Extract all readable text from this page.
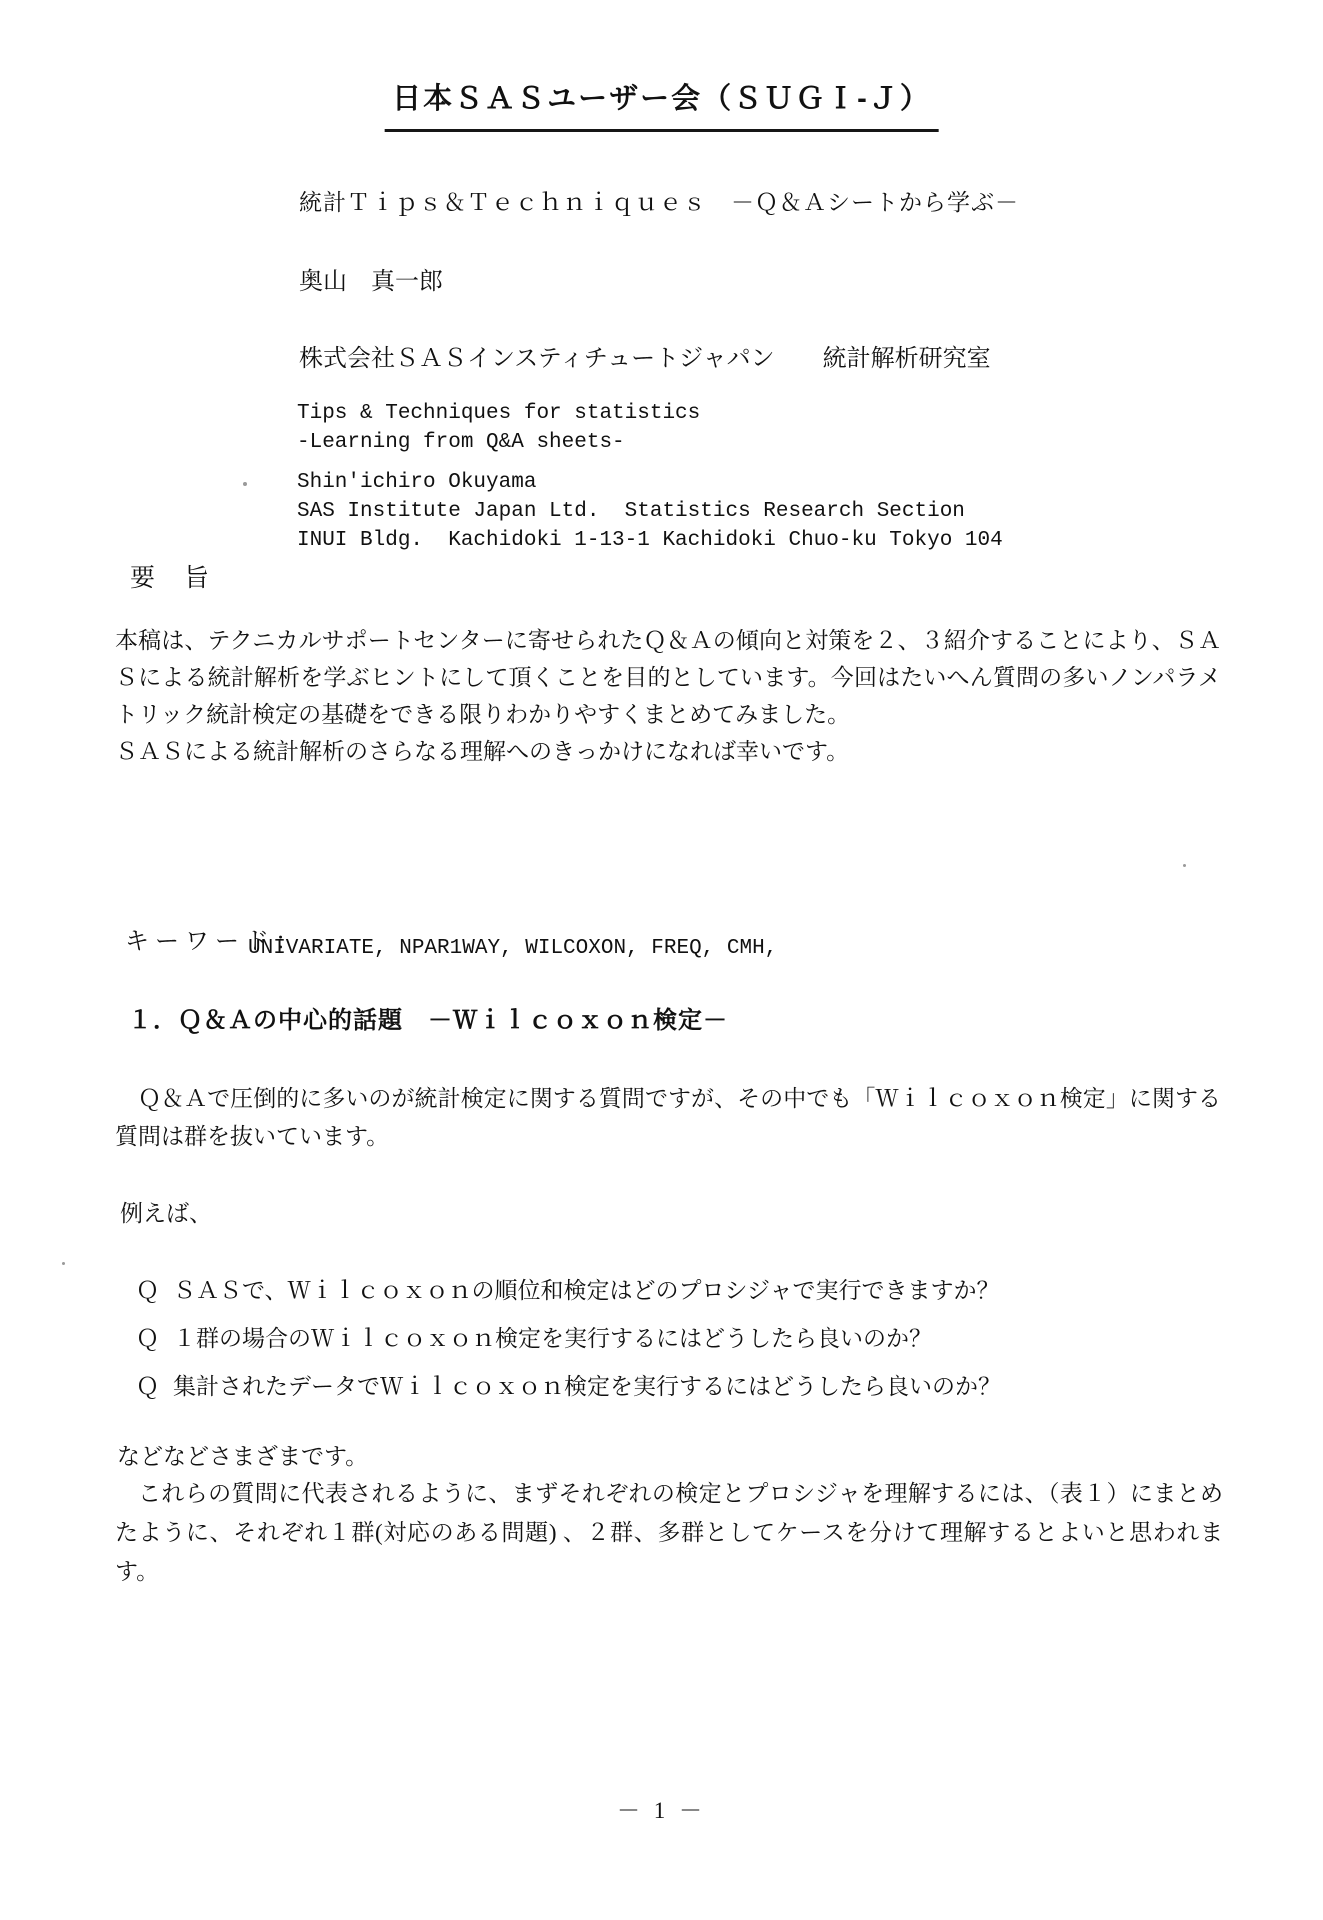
日本ＳＡＳユーザー会（ＳＵＧＩ-Ｊ）
統計Ｔｉｐｓ＆Ｔｅｃｈｎｉｑｕｅｓ　－Ｑ＆Ａシートから学ぶ－
奥山　真一郎
株式会社ＳＡＳインスティチュートジャパン　　統計解析研究室
Tips & Techniques for statistics
-Learning from Q&A sheets-
Shin'ichiro Okuyama
SAS Institute Japan Ltd.  Statistics Research Section
INUI Bldg.  Kachidoki 1-13-1 Kachidoki Chuo-ku Tokyo 104
要　旨
本稿は、テクニカルサポートセンターに寄せられたＱ＆Ａの傾向と対策を２、３紹介することにより、ＳＡＳによる統計解析を学ぶヒントにして頂くことを目的としています。今回はたいへん質問の多いノンパラメトリック統計検定の基礎をできる限りわかりやすくまとめてみました。
ＳＡＳによる統計解析のさらなる理解へのきっかけになれば幸いです。
キーワード：
UNIVARIATE, NPAR1WAY, WILCOXON, FREQ, CMH,
１．Ｑ＆Ａの中心的話題　－Ｗｉｌｃｏｘｏｎ検定－
Ｑ＆Ａで圧倒的に多いのが統計検定に関する質問ですが、その中でも「Ｗｉｌｃｏｘｏｎ検定」に関する質問は群を抜いています。
例えば、
Ｑ ＳＡＳで、Ｗｉｌｃｏｘｏｎの順位和検定はどのプロシジャで実行できますか？
Ｑ １群の場合のＷｉｌｃｏｘｏｎ検定を実行するにはどうしたら良いのか？
Ｑ 集計されたデータでＷｉｌｃｏｘｏｎ検定を実行するにはどうしたら良いのか？
などなどさまざまです。
これらの質問に代表されるように、まずそれぞれの検定とプロシジャを理解するには、（表１）にまとめたように、それぞれ１群(対応のある問題) 、２群、多群としてケースを分けて理解するとよいと思われます。
－ 1 －
